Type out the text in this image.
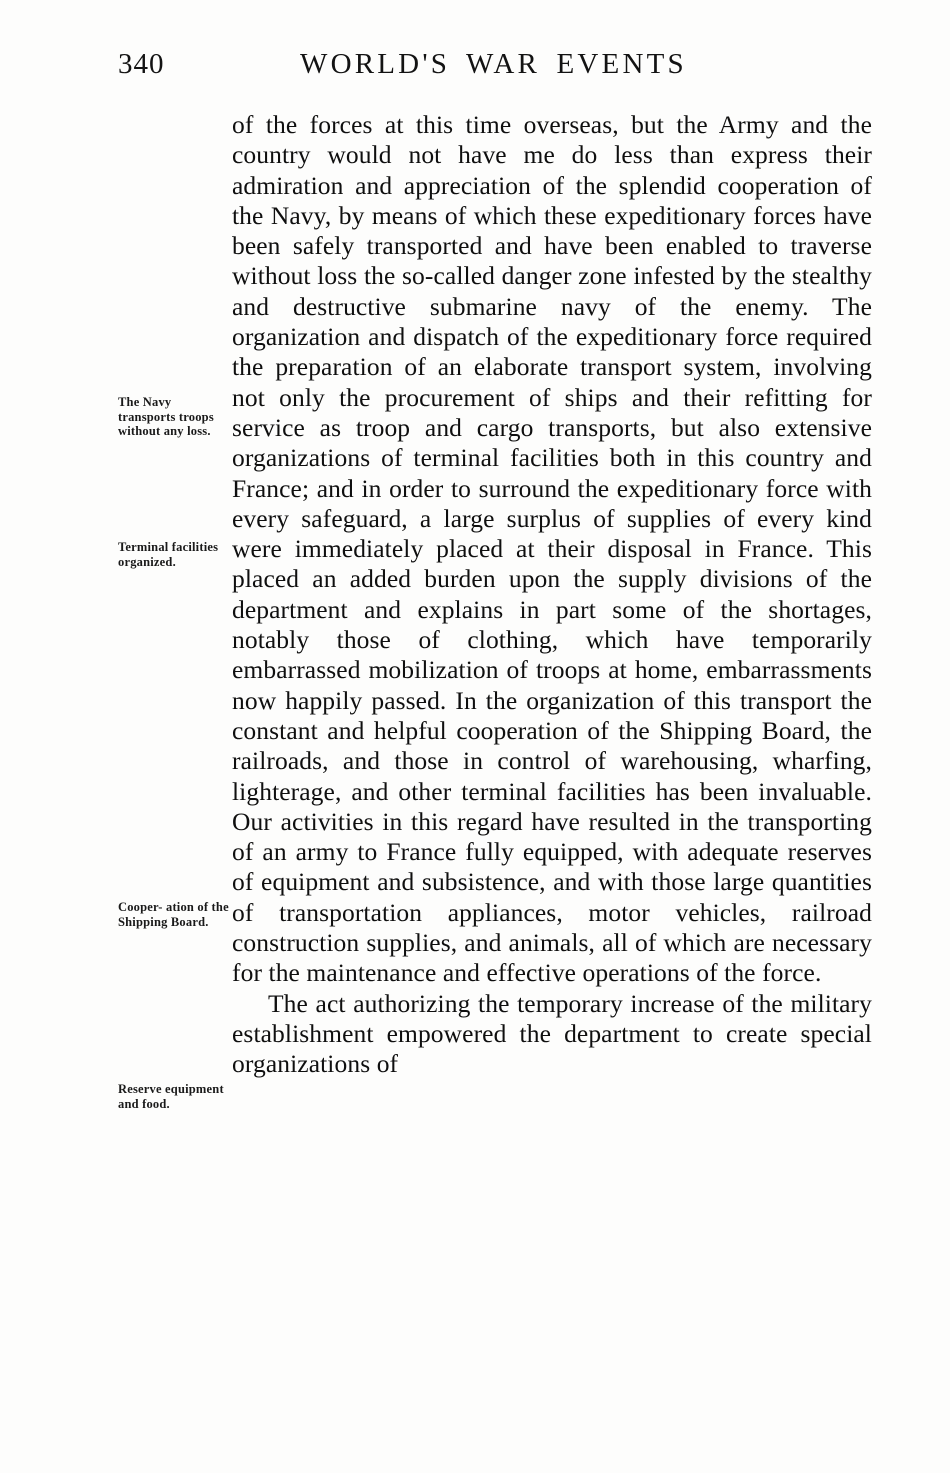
340	WORLD'S WAR EVENTS
The Navy transports troops without any loss.
Terminal facilities organized.
Cooper- ation of the Shipping Board.
Reserve equipment and food.

of the forces at this time overseas, but the Army and the country would not have me do less than express their admiration and appreciation of the splendid cooperation of the Navy, by means of which these expeditionary forces have been safely transported and have been enabled to traverse without loss the so-called danger zone infested by the stealthy and destructive submarine navy of the enemy. The organization and dispatch of the expeditionary force required the preparation of an elaborate transport system, involving not only the procurement of ships and their refitting for service as troop and cargo transports, but also extensive organizations of terminal facilities both in this country and France; and in order to surround the expeditionary force with every safeguard, a large surplus of supplies of every kind were immediately placed at their disposal in France. This placed an added burden upon the supply divisions of the department and explains in part some of the shortages, notably those of clothing, which have temporarily embarrassed mobilization of troops at home, embarrassments now happily passed. In the organization of this transport the constant and helpful cooperation of the Shipping Board, the railroads, and those in control of warehousing, wharfing, lighterage, and other terminal facilities has been invaluable. Our activities in this regard have resulted in the transporting of an army to France fully equipped, with adequate reserves of equipment and subsistence, and with those large quantities of transportation appliances, motor vehicles, railroad construction supplies, and animals, all of which are necessary for the maintenance and effective operations of the force.

The act authorizing the temporary increase of the military establishment empowered the department to create special organizations of
